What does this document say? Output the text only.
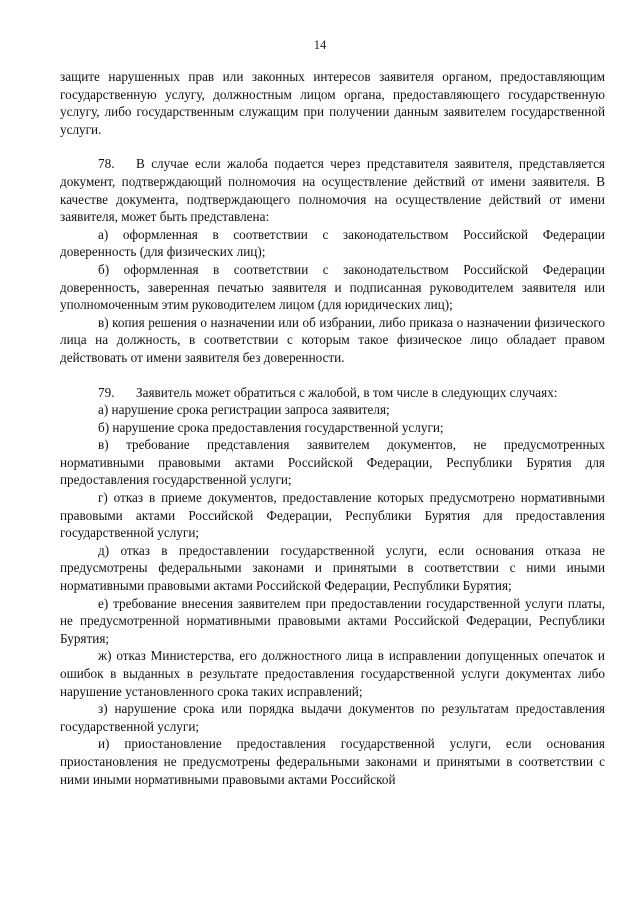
14

защите нарушенных прав или законных интересов заявителя органом, предоставляющим государственную услугу, должностным лицом органа, предоставляющего государственную услугу, либо государственным служащим при получении данным заявителем государственной услуги.

78. В случае если жалоба подается через представителя заявителя, представляется документ, подтверждающий полномочия на осуществление действий от имени заявителя. В качестве документа, подтверждающего полномочия на осуществление действий от имени заявителя, может быть представлена:

а) оформленная в соответствии с законодательством Российской Федерации доверенность (для физических лиц);

б) оформленная в соответствии с законодательством Российской Федерации доверенность, заверенная печатью заявителя и подписанная руководителем заявителя или уполномоченным этим руководителем лицом (для юридических лиц);

в) копия решения о назначении или об избрании, либо приказа о назначении физического лица на должность, в соответствии с которым такое физическое лицо обладает правом действовать от имени заявителя без доверенности.

79. Заявитель может обратиться с жалобой, в том числе в следующих случаях:

а) нарушение срока регистрации запроса заявителя;

б) нарушение срока предоставления государственной услуги;

в) требование представления заявителем документов, не предусмотренных нормативными правовыми актами Российской Федерации, Республики Бурятия для предоставления государственной услуги;

г) отказ в приеме документов, предоставление которых предусмотрено нормативными правовыми актами Российской Федерации, Республики Бурятия для предоставления государственной услуги;

д) отказ в предоставлении государственной услуги, если основания отказа не предусмотрены федеральными законами и принятыми в соответствии с ними иными нормативными правовыми актами Российской Федерации, Республики Бурятия;

е) требование внесения заявителем при предоставлении государственной услуги платы, не предусмотренной нормативными правовыми актами Российской Федерации, Республики Бурятия;

ж) отказ Министерства, его должностного лица в исправлении допущенных опечаток и ошибок в выданных в результате предоставления государственной услуги документах либо нарушение установленного срока таких исправлений;

з) нарушение срока или порядка выдачи документов по результатам предоставления государственной услуги;

и) приостановление предоставления государственной услуги, если основания приостановления не предусмотрены федеральными законами и принятыми в соответствии с ними иными нормативными правовыми актами Российской
